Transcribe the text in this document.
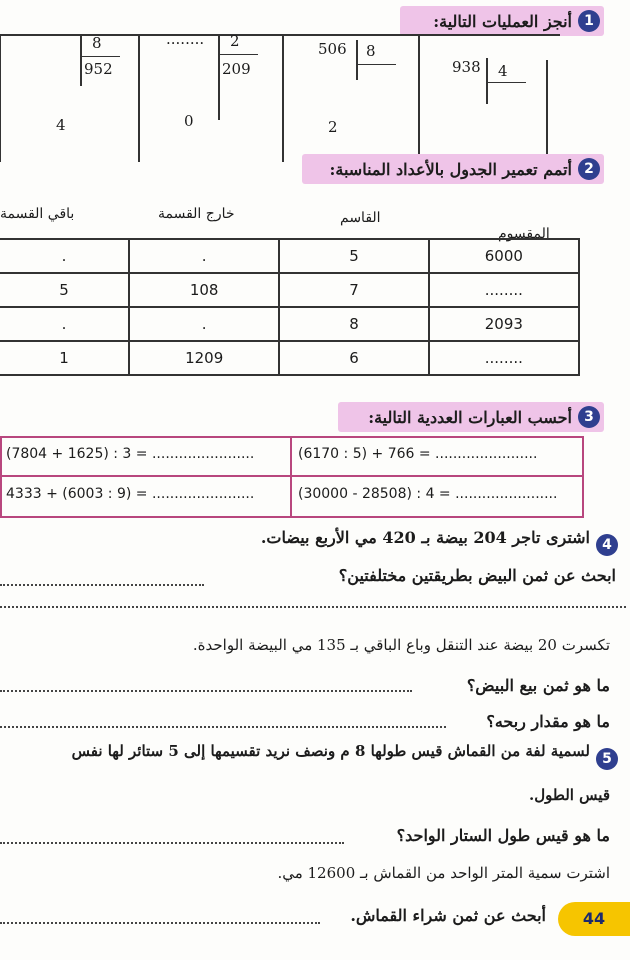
1
أنجز العمليات التالية:
8
952
4
........ 2
209
0
506 8
2
938 4
2
أتمم تعمير الجدول بالأعداد المناسبة:
المقسوم
القاسم
خارج القسمة
باقي القسمة
.	.	5	6000
5	108	7	........
.	.	8	2093
1	1209	6	........
3
أحسب العبارات العددية التالية:
(6170 : 5) + 766 = .......................
(7804 + 1625) : 3 = .......................
(30000 - 28508) : 4 = .......................
4333 + (6003 : 9) = .......................
4
اشترى تاجر 204 بيضة بـ 420 مي الأربع بيضات.
ابحث عن ثمن البيض بطريقتين مختلفتين؟
تكسرت 20 بيضة عند التنقل وباع الباقي بـ 135 مي البيضة الواحدة.
ما هو ثمن بيع البيض؟
ما هو مقدار ربحه؟
5
لسمية لفة من القماش قيس طولها 8 م ونصف نريد تقسيمها إلى 5 ستائر لها نفس
قيس الطول.
ما هو قيس طول الستار الواحد؟
اشترت سمية المتر الواحد من القماش بـ 12600 مي.
أبحث عن ثمن شراء القماش.	44
